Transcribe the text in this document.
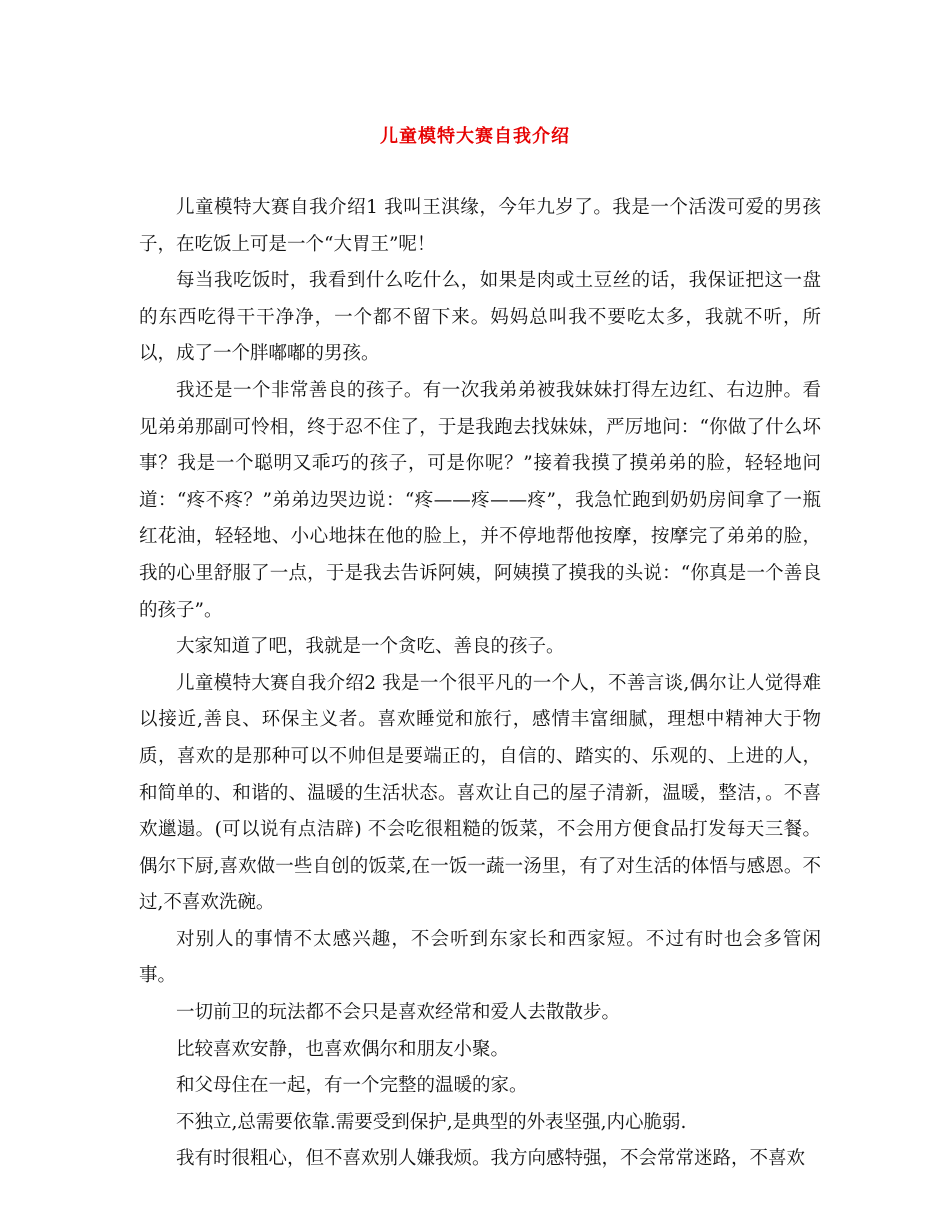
儿童模特大赛自我介绍

儿童模特大赛自我介绍1 我叫王淇缘，今年九岁了。我是一个活泼可爱的男孩子，在吃饭上可是一个“大胃王”呢！

每当我吃饭时，我看到什么吃什么，如果是肉或土豆丝的话，我保证把这一盘的东西吃得干干净净，一个都不留下来。妈妈总叫我不要吃太多，我就不听，所以，成了一个胖嘟嘟的男孩。

我还是一个非常善良的孩子。有一次我弟弟被我妹妹打得左边红、右边肿。看见弟弟那副可怜相，终于忍不住了，于是我跑去找妹妹，严厉地问：“你做了什么坏事？我是一个聪明又乖巧的孩子，可是你呢？”接着我摸了摸弟弟的脸，轻轻地问道：“疼不疼？”弟弟边哭边说：“疼——疼——疼”，我急忙跑到奶奶房间拿了一瓶红花油，轻轻地、小心地抹在他的脸上，并不停地帮他按摩，按摩完了弟弟的脸，我的心里舒服了一点，于是我去告诉阿姨，阿姨摸了摸我的头说：“你真是一个善良的孩子”。

大家知道了吧，我就是一个贪吃、善良的孩子。

儿童模特大赛自我介绍2 我是一个很平凡的一个人，不善言谈,偶尔让人觉得难以接近,善良、环保主义者。喜欢睡觉和旅行，感情丰富细腻，理想中精神大于物质，喜欢的是那种可以不帅但是要端正的，自信的、踏实的、乐观的、上进的人，和简单的、和谐的、温暖的生活状态。喜欢让自己的屋子清新，温暖，整洁，。不喜欢邋遢。(可以说有点洁辟) 不会吃很粗糙的饭菜，不会用方便食品打发每天三餐。偶尔下厨,喜欢做一些自创的饭菜,在一饭一蔬一汤里，有了对生活的体悟与感恩。不过,不喜欢洗碗。

对别人的事情不太感兴趣，不会听到东家长和西家短。不过有时也会多管闲事。

一切前卫的玩法都不会只是喜欢经常和爱人去散散步。

比较喜欢安静，也喜欢偶尔和朋友小聚。

和父母住在一起，有一个完整的温暖的家。

不独立,总需要依靠.需要受到保护,是典型的外表坚强,内心脆弱.

我有时很粗心，但不喜欢别人嫌我烦。我方向感特强，不会常常迷路，不喜欢
